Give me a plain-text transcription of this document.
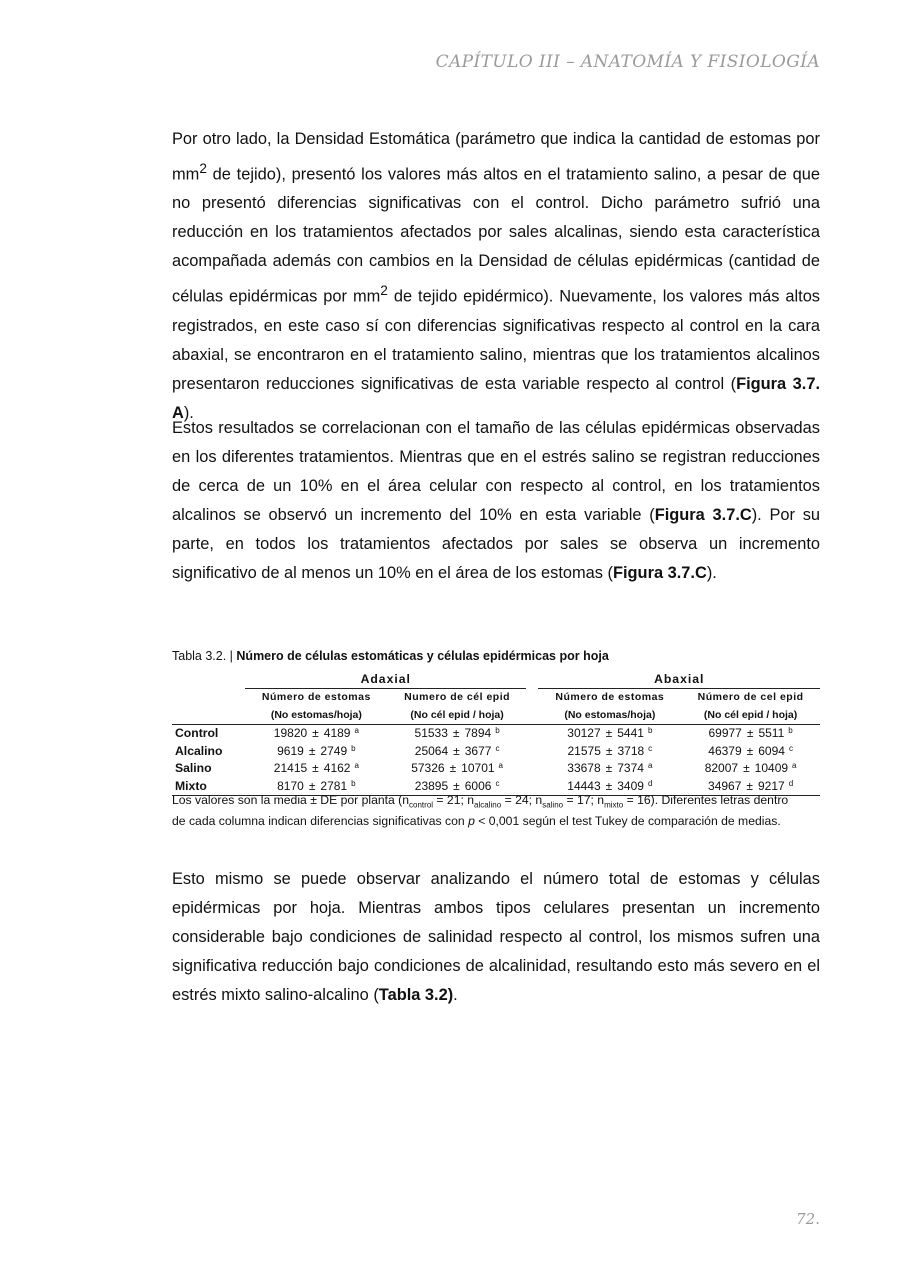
CAPÍTULO III – ANATOMÍA Y FISIOLOGÍA

Por otro lado, la Densidad Estomática (parámetro que indica la cantidad de estomas por $mm^2$ de tejido), presentó los valores más altos en el tratamiento salino, a pesar de que no presentó diferencias significativas con el control. Dicho parámetro sufrió una reducción en los tratamientos afectados por sales alcalinas, siendo esta característica acompañada además con cambios en la Densidad de células epidérmicas (cantidad de células epidérmicas por $mm^2$ de tejido epidérmico). Nuevamente, los valores más altos registrados, en este caso sí con diferencias significativas respecto al control en la cara abaxial, se encontraron en el tratamiento salino, mientras que los tratamientos alcalinos presentaron reducciones significativas de esta variable respecto al control (Figura 3.7. A).

Estos resultados se correlacionan con el tamaño de las células epidérmicas observadas en los diferentes tratamientos. Mientras que en el estrés salino se registran reducciones de cerca de un 10% en el área celular con respecto al control, en los tratamientos alcalinos se observó un incremento del 10% en esta variable (Figura 3.7.C). Por su parte, en todos los tratamientos afectados por sales se observa un incremento significativo de al menos un 10% en el área de los estomas (Figura 3.7.C).

Tabla 3.2. | Número de células estomáticas y células epidérmicas por hoja
	Adaxial			Abaxial	
	Número de estomas	Numero de cél epid		Número de estomas	Número de cel epid
	(No estomas/hoja)	(No cél epid / hoja)		(No estomas/hoja)	(No cél epid / hoja)
Control	19820 ± 4189 $^a$	51533 ± 7894 $^b$		30127 ± 5441 $^b$	69977 ± 5511 $^b$
Alcalino	9619 ± 2749 $^b$	25064 ± 3677 $^c$		21575 ± 3718 $^c$	46379 ± 6094 $^c$
Salino	21415 ± 4162 $^a$	57326 ± 10701 $^a$		33678 ± 7374 $^a$	82007 ± 10409 $^a$
Mixto	8170 ± 2781 $^b$	23895 ± 6006 $^c$		14443 ± 3409 $^d$	34967 ± 9217 $^d$
Los valores son la media ± DE por planta ($n_{control} = 21$; $n_{alcalino} = 24$; $n_{salino} = 17$; $n_{mixto} = 16$). Diferentes letras dentro de cada columna indican diferencias significativas con p < 0,001 según el test Tukey de comparación de medias.

Esto mismo se puede observar analizando el número total de estomas y células epidérmicas por hoja. Mientras ambos tipos celulares presentan un incremento considerable bajo condiciones de salinidad respecto al control, los mismos sufren una significativa reducción bajo condiciones de alcalinidad, resultando esto más severo en el estrés mixto salino-alcalino (Tabla 3.2).

72.
